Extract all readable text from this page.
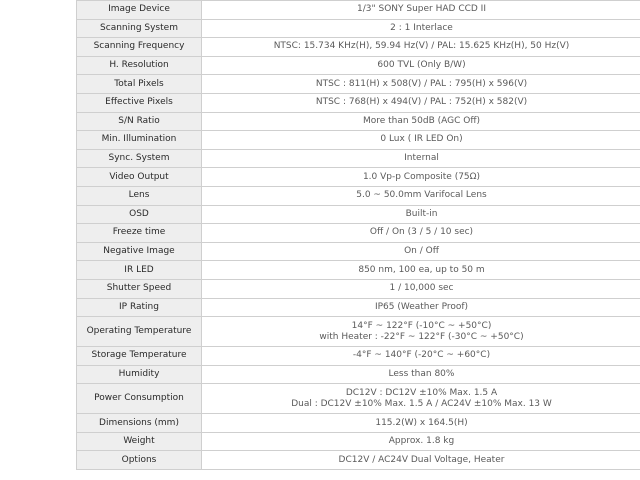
Image Device	1/3" SONY Super HAD CCD II

Scanning System	2 : 1 Interlace

Scanning Frequency	NTSC: 15.734 KHz(H), 59.94 Hz(V) / PAL: 15.625 KHz(H), 50 Hz(V)

H. Resolution	600 TVL (Only B/W)

Total Pixels	NTSC : 811(H) x 508(V) / PAL : 795(H) x 596(V)

Effective Pixels	NTSC : 768(H) x 494(V) / PAL : 752(H) x 582(V)

S/N Ratio	More than 50dB (AGC Off)

Min. Illumination	0 Lux ( IR LED On)

Sync. System	Internal

Video Output	1.0 Vp-p Composite (75Ω)

Lens	5.0 ~ 50.0mm Varifocal Lens

OSD	Built-in

Freeze time	Off / On (3 / 5 / 10 sec)

Negative Image	On / Off

IR LED	850 nm, 100 ea, up to 50 m

Shutter Speed	1 / 10,000 sec

IP Rating	IP65 (Weather Proof)

Operating Temperature	14°F ~ 122°F (-10°C ~ +50°C)
with Heater : -22°F ~ 122°F (-30°C ~ +50°C)

Storage Temperature	-4°F ~ 140°F (-20°C ~ +60°C)

Humidity	Less than 80%

Power Consumption	DC12V : DC12V ±10% Max. 1.5 A
Dual : DC12V ±10% Max. 1.5 A / AC24V ±10% Max. 13 W

Dimensions (mm)	115.2(W) x 164.5(H)

Weight	Approx. 1.8 kg

Options	DC12V / AC24V Dual Voltage, Heater
